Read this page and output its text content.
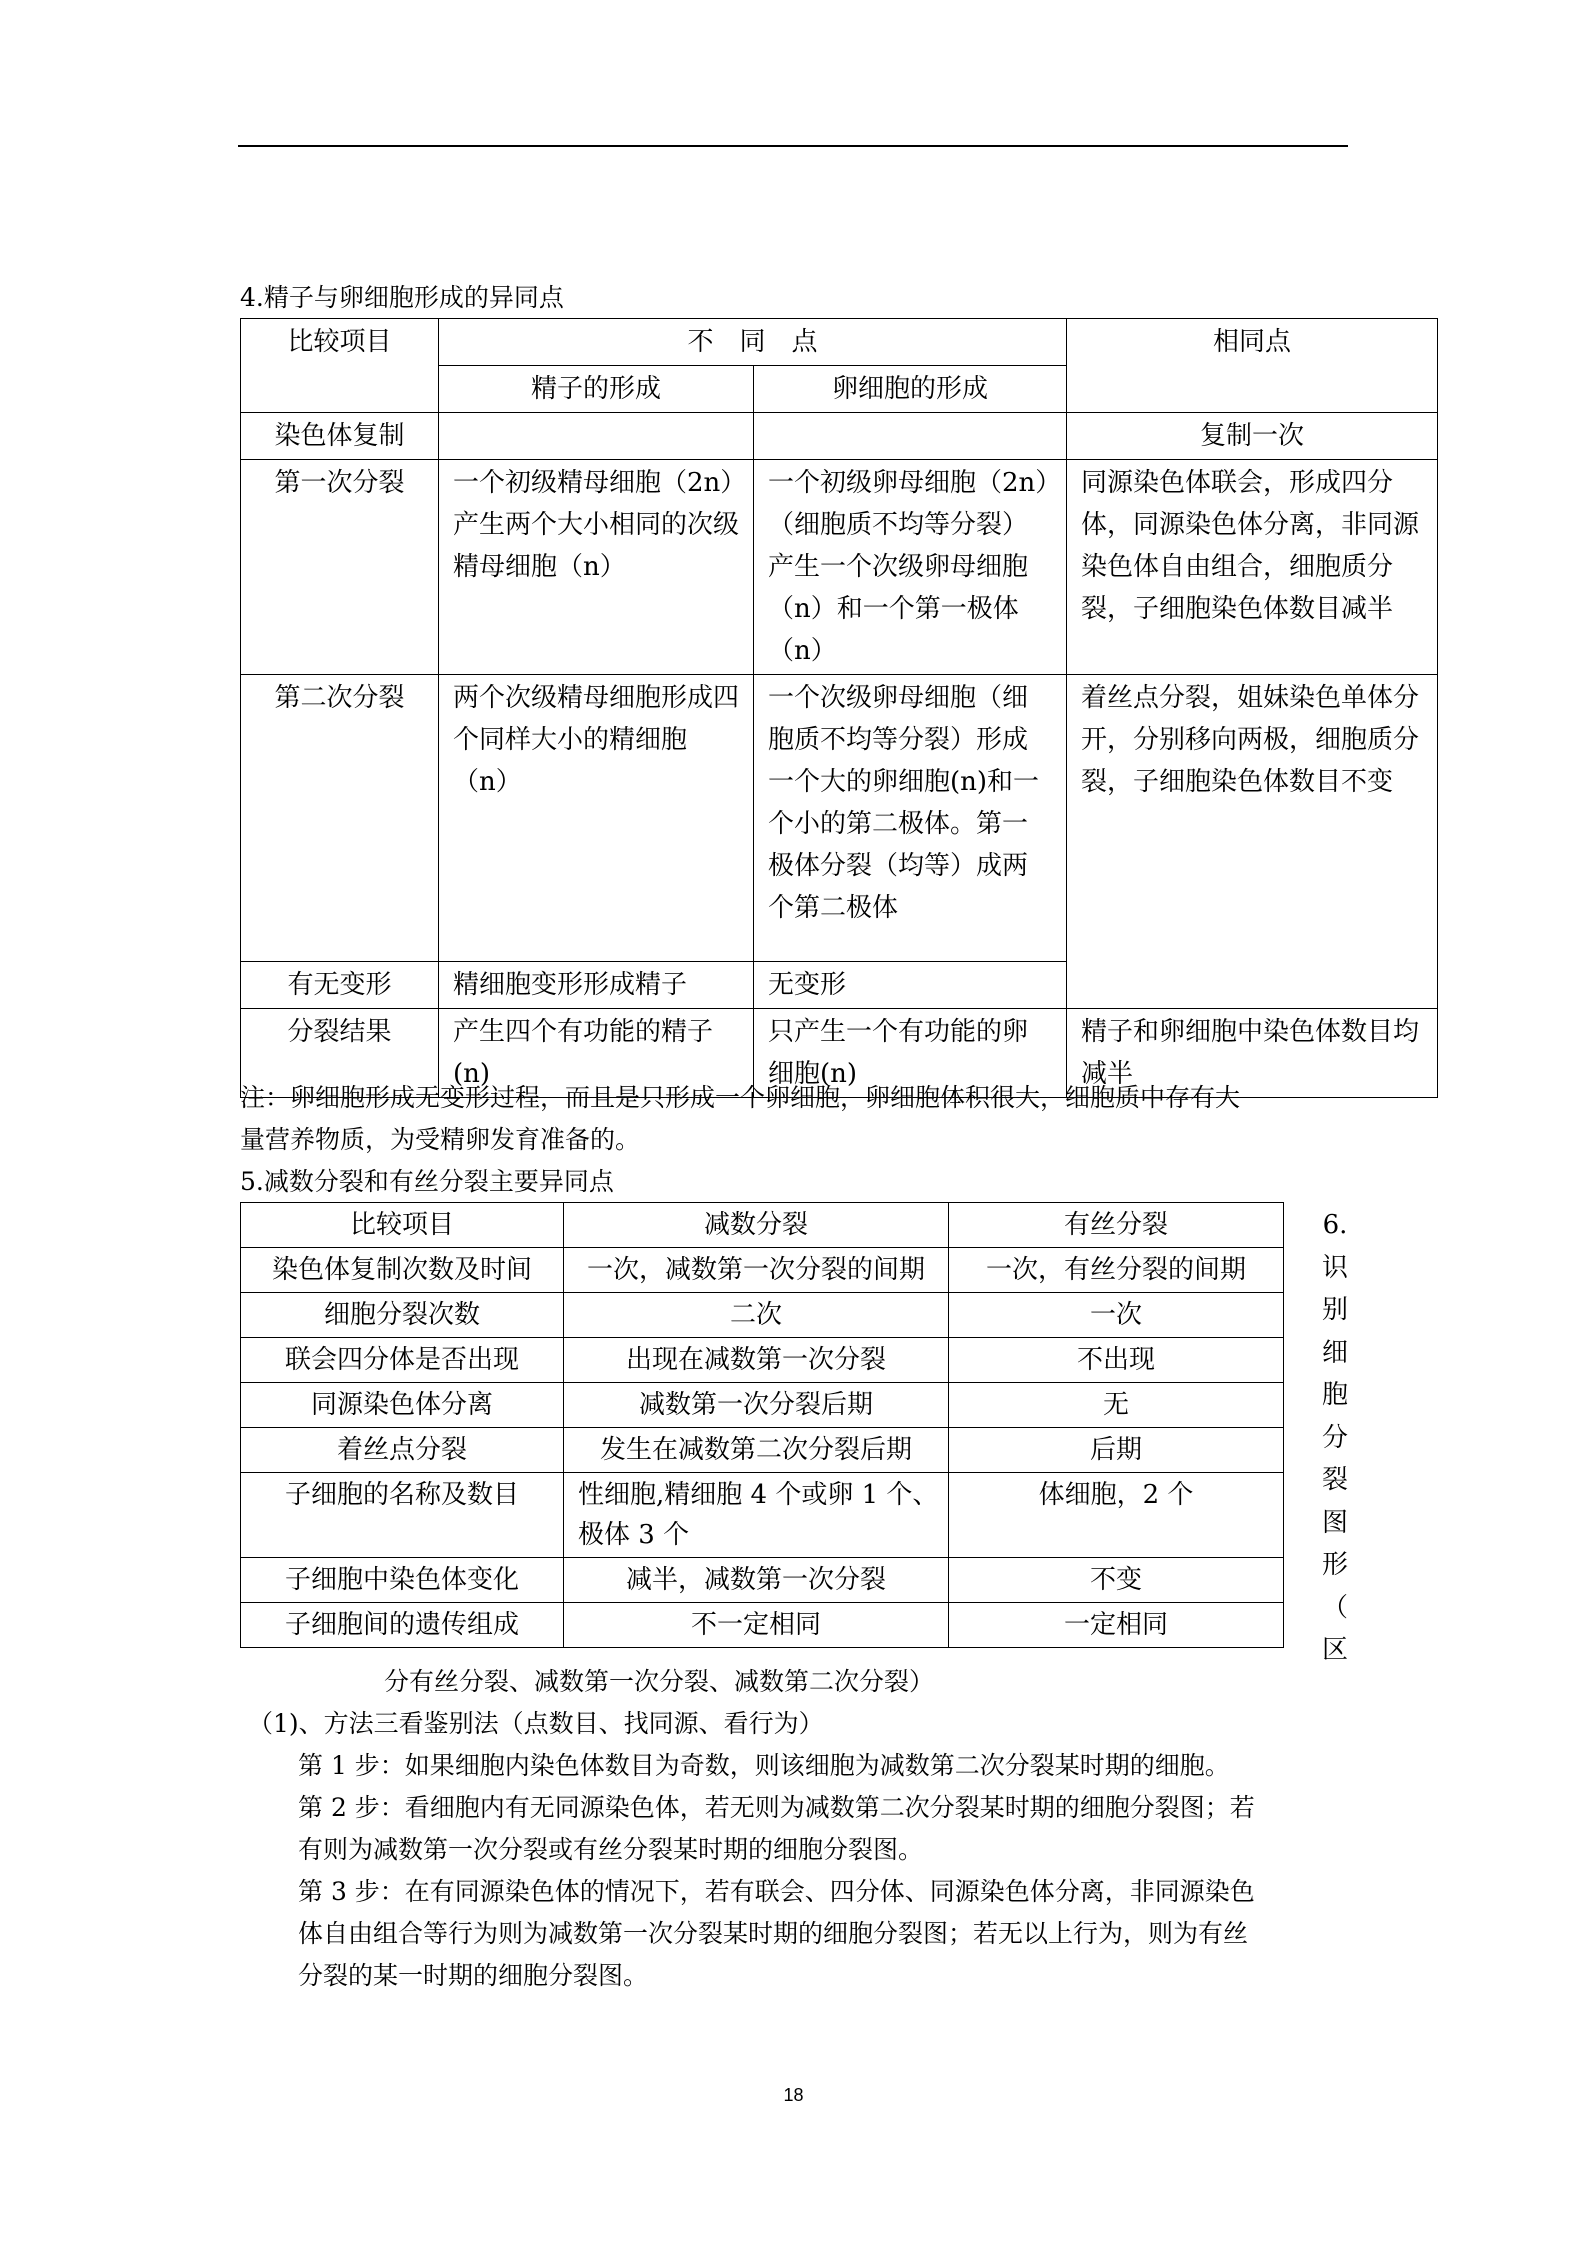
4.精子与卵细胞形成的异同点
比较项目	不　同　点		相同点
	精子的形成	卵细胞的形成	
染色体复制			复制一次
第一次分裂	一个初级精母细胞（2n）产生两个大小相同的次级精母细胞（n）	一个初级卵母细胞（2n）（细胞质不均等分裂）产生一个次级卵母细胞（n）和一个第一极体（n）	同源染色体联会，形成四分体，同源染色体分离，非同源染色体自由组合，细胞质分裂，子细胞染色体数目减半
第二次分裂	两个次级精母细胞形成四个同样大小的精细胞（n）	一个次级卵母细胞（细胞质不均等分裂）形成一个大的卵细胞(n)和一个小的第二极体。第一极体分裂（均等）成两个第二极体	着丝点分裂，姐妹染色单体分开，分别移向两极，细胞质分裂，子细胞染色体数目不变
有无变形	精细胞变形形成精子	无变形	
分裂结果	产生四个有功能的精子(n)	只产生一个有功能的卵细胞(n)	精子和卵细胞中染色体数目均减半
注：卵细胞形成无变形过程，而且是只形成一个卵细胞，卵细胞体积很大，细胞质中存有大
量营养物质，为受精卵发育准备的。
5.减数分裂和有丝分裂主要异同点
比较项目	减数分裂	有丝分裂
染色体复制次数及时间	一次，减数第一次分裂的间期	一次，有丝分裂的间期
细胞分裂次数	二次	一次
联会四分体是否出现	出现在减数第一次分裂	不出现
同源染色体分离	减数第一次分裂后期	无
着丝点分裂	发生在减数第二次分裂后期	后期
子细胞的名称及数目	性细胞,精细胞 4 个或卵 1 个、极体 3 个	体细胞，2 个
子细胞中染色体变化	减半，减数第一次分裂	不变
子细胞间的遗传组成	不一定相同	一定相同
6.
识
别
细
胞
分
裂
图
形
（
区
分有丝分裂、减数第一次分裂、减数第二次分裂）
（1)、方法三看鉴别法（点数目、找同源、看行为）
第 1 步：如果细胞内染色体数目为奇数，则该细胞为减数第二次分裂某时期的细胞。
第 2 步：看细胞内有无同源染色体，若无则为减数第二次分裂某时期的细胞分裂图；若
有则为减数第一次分裂或有丝分裂某时期的细胞分裂图。
第 3 步：在有同源染色体的情况下，若有联会、四分体、同源染色体分离，非同源染色
体自由组合等行为则为减数第一次分裂某时期的细胞分裂图；若无以上行为，则为有丝
分裂的某一时期的细胞分裂图。
18
